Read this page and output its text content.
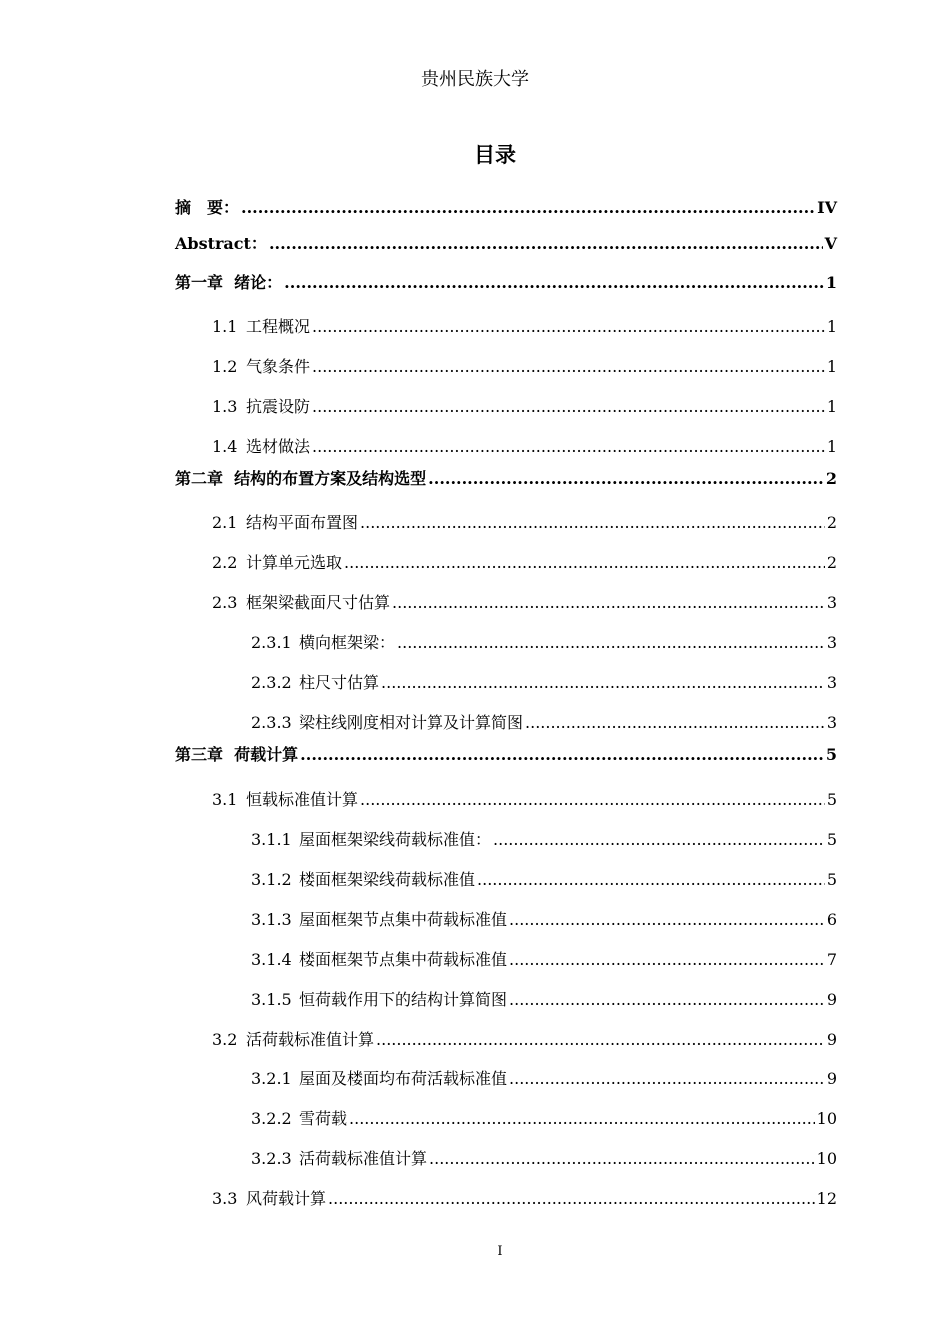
贵州民族大学
目录
摘　要： .....	IV
Abstract： .....	V
第一章 绪论： .....	1
1.1 工程概况 .....	1
1.2 气象条件 .....	1
1.3 抗震设防 .....	1
1.4 选材做法 .....	1
第二章 结构的布置方案及结构选型 .....	2
2.1 结构平面布置图 .....	2
2.2 计算单元选取 .....	2
2.3 框架梁截面尺寸估算 .....	3
2.3.1 横向框架梁： .....	3
2.3.2 柱尺寸估算 .....	3
2.3.3 梁柱线刚度相对计算及计算简图 .....	3
第三章 荷载计算 .....	5
3.1 恒载标准值计算 .....	5
3.1.1 屋面框架梁线荷载标准值： .....	5
3.1.2 楼面框架梁线荷载标准值 .....	5
3.1.3 屋面框架节点集中荷载标准值 .....	6
3.1.4 楼面框架节点集中荷载标准值 .....	7
3.1.5 恒荷载作用下的结构计算简图 .....	9
3.2 活荷载标准值计算 .....	9
3.2.1 屋面及楼面均布荷活载标准值 .....	9
3.2.2 雪荷载 .....	10
3.2.3 活荷载标准值计算 .....	10
3.3 风荷载计算 .....	12
I
